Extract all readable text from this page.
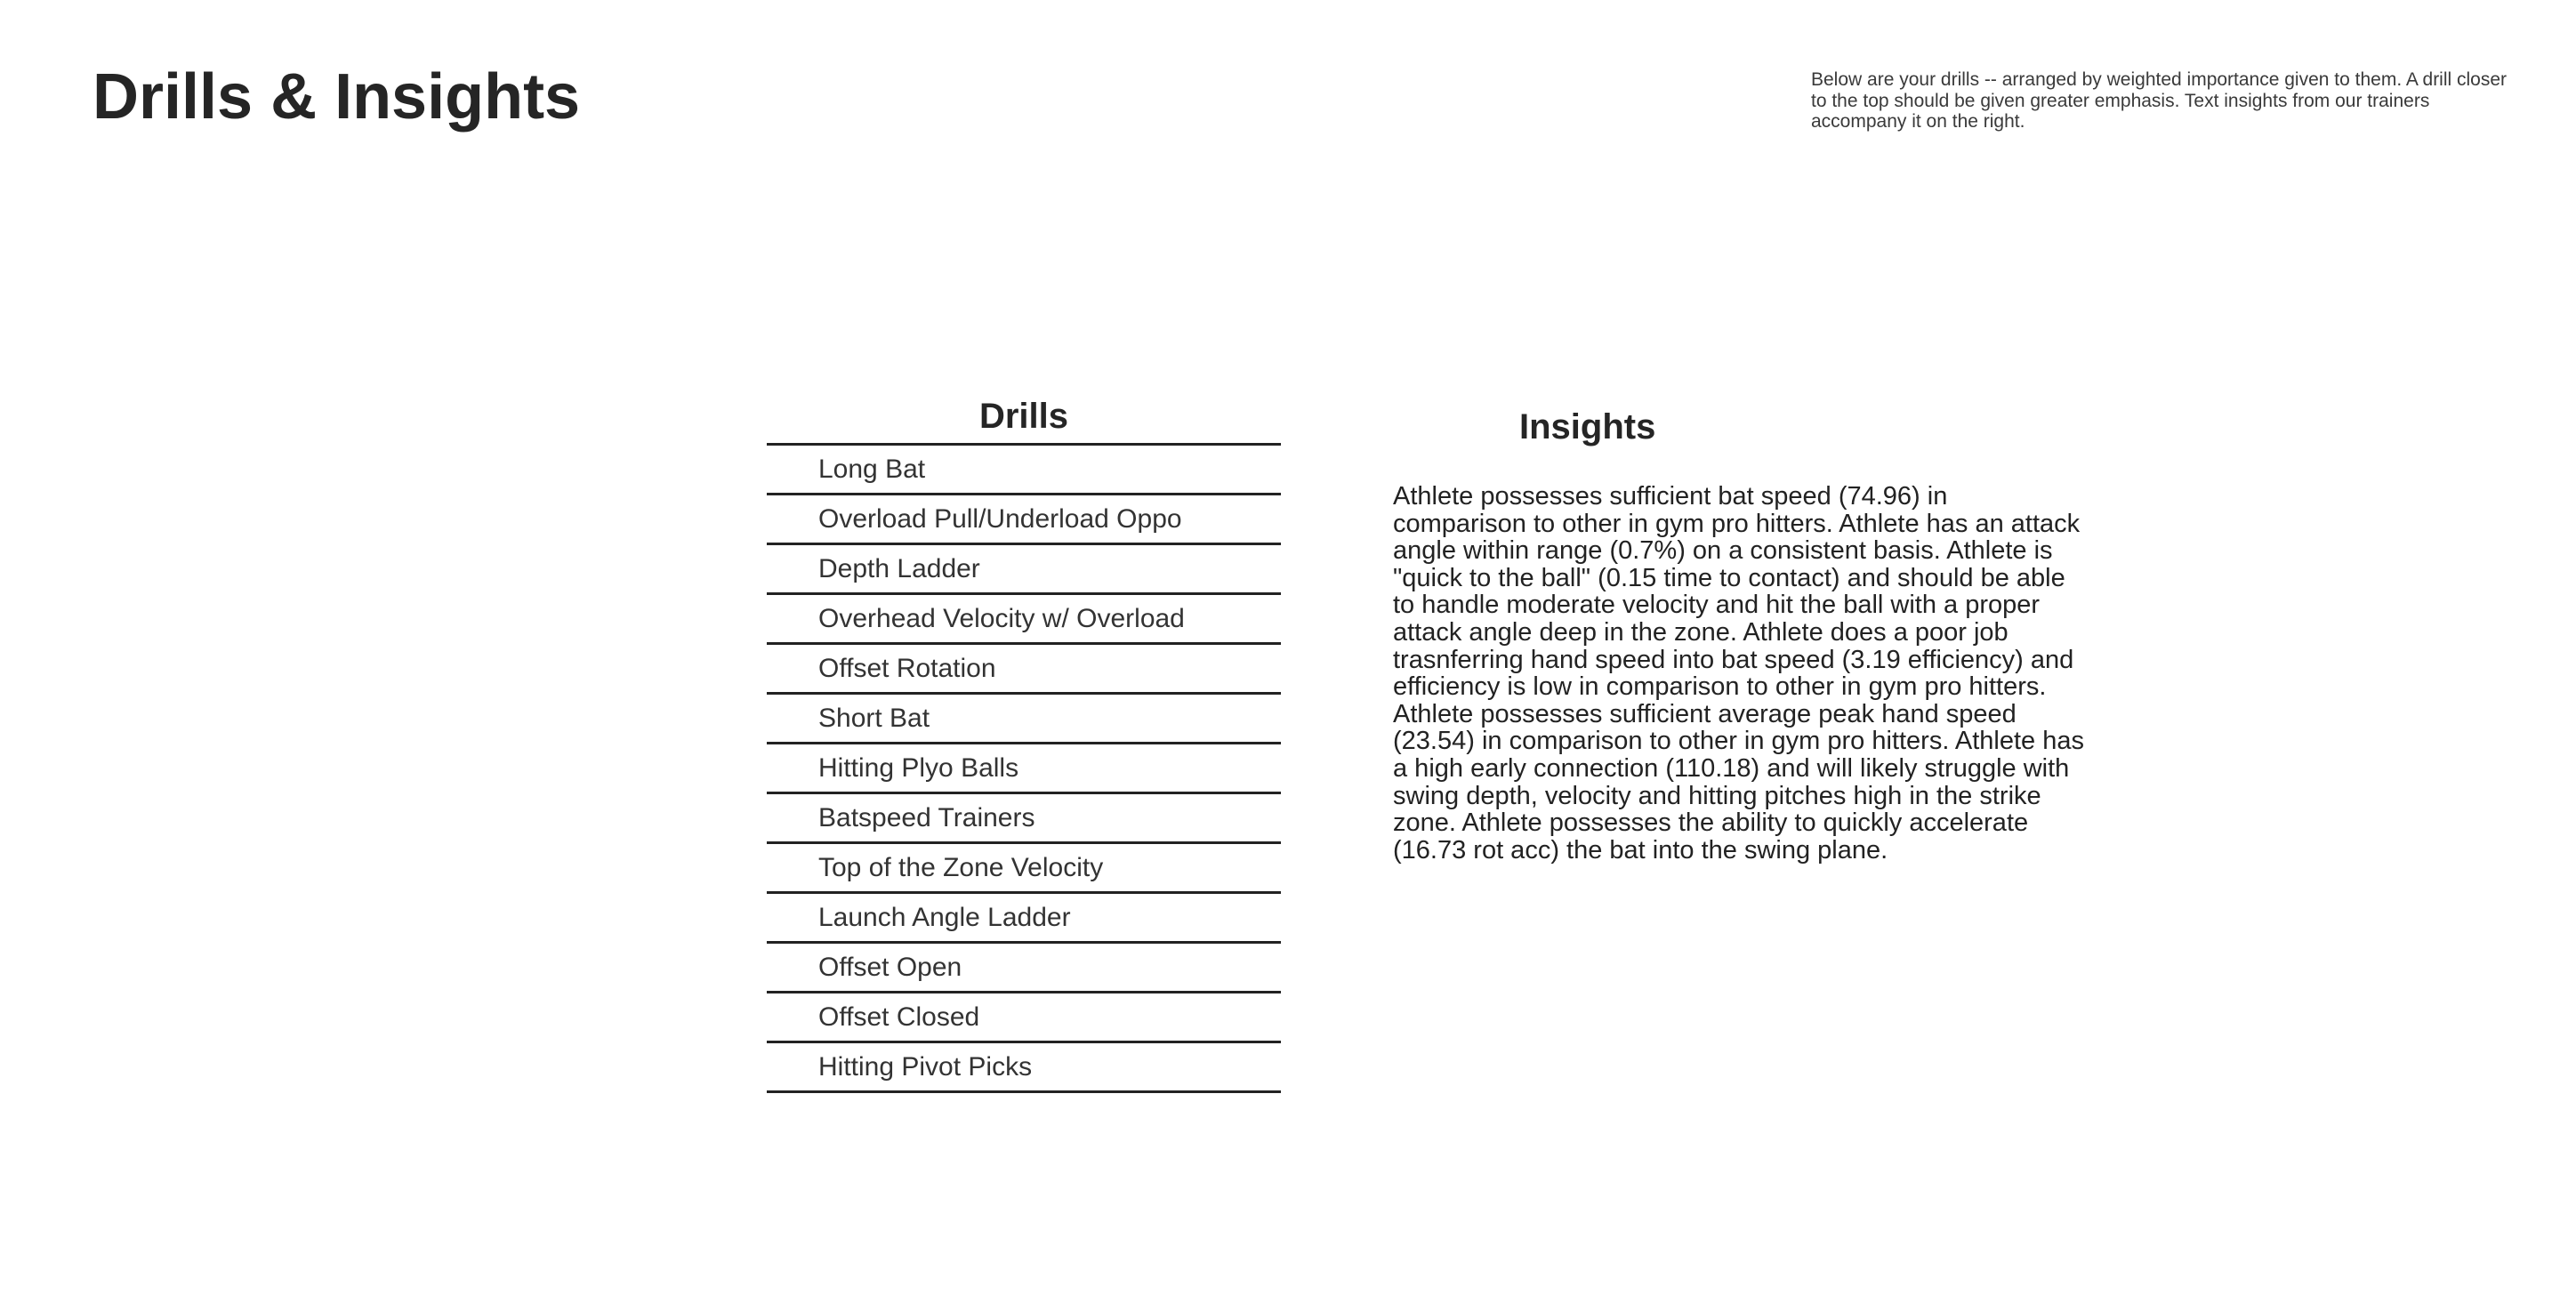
Drills & Insights	Below are your drills -- arranged by weighted importance given to them. A drill closer to the top should be given greater emphasis. Text insights from our trainers accompany it on the right.

Drills
Long Bat
Overload Pull/Underload Oppo
Depth Ladder
Overhead Velocity w/ Overload
Offset Rotation
Short Bat
Hitting Plyo Balls
Batspeed Trainers
Top of the Zone Velocity
Launch Angle Ladder
Offset Open
Offset Closed
Hitting Pivot Picks
Insights

Athlete possesses sufficient bat speed (74.96) in comparison to other in gym pro hitters. Athlete has an attack angle within range (0.7%) on a consistent basis. Athlete is "quick to the ball" (0.15 time to contact) and should be able to handle moderate velocity and hit the ball with a proper attack angle deep in the zone. Athlete does a poor job trasnferring hand speed into bat speed (3.19 efficiency) and efficiency is low in comparison to other in gym pro hitters. Athlete possesses sufficient average peak hand speed (23.54) in comparison to other in gym pro hitters. Athlete has a high early connection (110.18) and will likely struggle with swing depth, velocity and hitting pitches high in the strike zone. Athlete possesses the ability to quickly accelerate (16.73 rot acc) the bat into the swing plane.
